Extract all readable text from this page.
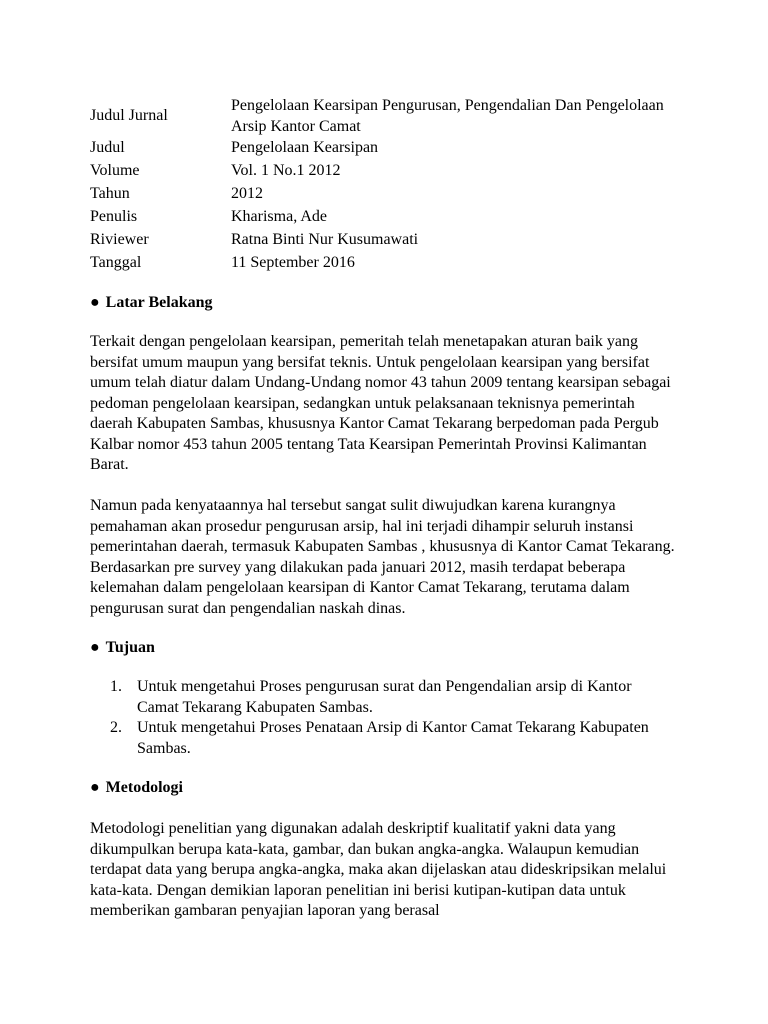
Judul Jurnal	Pengelolaan Kearsipan Pengurusan, Pengendalian Dan Pengelolaan Arsip Kantor Camat
Judul	Pengelolaan Kearsipan
Volume	Vol. 1 No.1 2012
Tahun	2012
Penulis	Kharisma, Ade
Riviewer	Ratna Binti Nur Kusumawati
Tanggal	11 September 2016
● Latar Belakang

Terkait dengan pengelolaan kearsipan, pemeritah telah menetapakan aturan baik yang bersifat umum maupun yang bersifat teknis. Untuk pengelolaan kearsipan yang bersifat umum telah diatur dalam Undang-Undang nomor 43 tahun 2009 tentang kearsipan sebagai pedoman pengelolaan kearsipan, sedangkan untuk pelaksanaan teknisnya pemerintah daerah Kabupaten Sambas, khususnya Kantor Camat Tekarang berpedoman pada Pergub Kalbar nomor 453 tahun 2005 tentang Tata Kearsipan Pemerintah Provinsi Kalimantan Barat.

Namun pada kenyataannya hal tersebut sangat sulit diwujudkan karena kurangnya pemahaman akan prosedur pengurusan arsip, hal ini terjadi dihampir seluruh instansi pemerintahan daerah, termasuk Kabupaten Sambas , khususnya di Kantor Camat Tekarang. Berdasarkan pre survey yang dilakukan pada januari 2012, masih terdapat beberapa kelemahan dalam pengelolaan kearsipan di Kantor Camat Tekarang, terutama dalam pengurusan surat dan pengendalian naskah dinas.

● Tujuan
1. Untuk mengetahui Proses pengurusan surat dan Pengendalian arsip di Kantor Camat Tekarang Kabupaten Sambas.
2. Untuk mengetahui Proses Penataan Arsip di Kantor Camat Tekarang Kabupaten Sambas.
● Metodologi

Metodologi penelitian yang digunakan adalah deskriptif kualitatif yakni data yang dikumpulkan berupa kata-kata, gambar, dan bukan angka-angka. Walaupun kemudian terdapat data yang berupa angka-angka, maka akan dijelaskan atau dideskripsikan melalui kata-kata. Dengan demikian laporan penelitian ini berisi kutipan-kutipan data untuk memberikan gambaran penyajian laporan yang berasal
